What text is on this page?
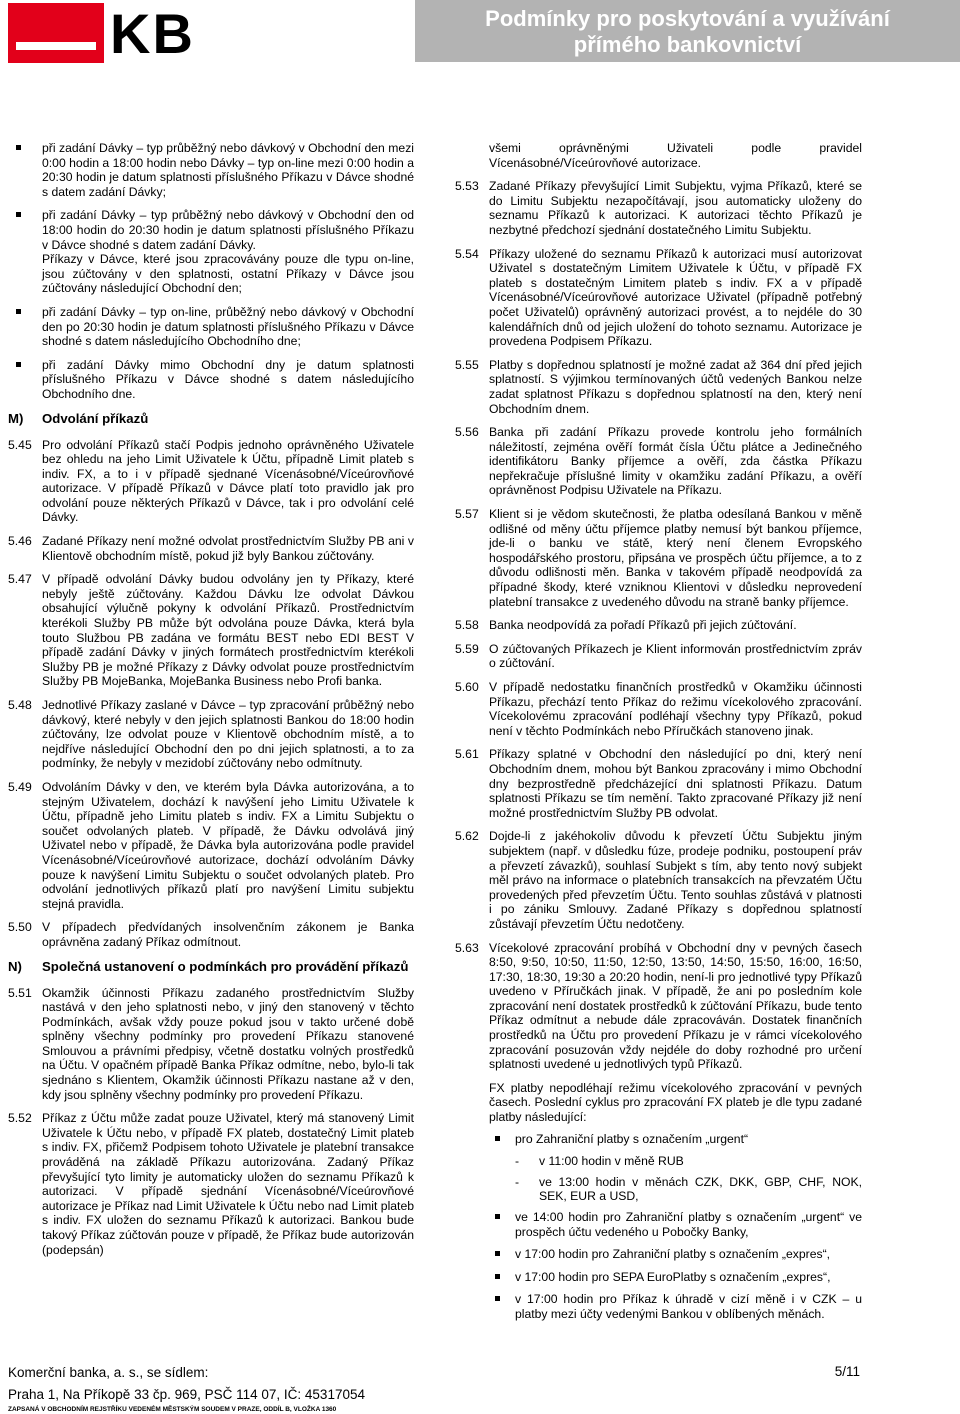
KB	Podmínky pro poskytování a využívání
přímého bankovnictví
při zadání Dávky – typ průběžný nebo dávkový v Obchodní den mezi 0:00 hodin a 18:00 hodin nebo Dávky – typ on-line mezi 0:00 hodin a 20:30 hodin je datum splatnosti příslušného Příkazu v Dávce shodné s datem zadání Dávky;
při zadání Dávky – typ průběžný nebo dávkový v Obchodní den od 18:00 hodin do 20:30 hodin je datum splatnosti příslušného Příkazu v Dávce shodné s datem zadání Dávky.
Příkazy v Dávce, které jsou zpracovávány pouze dle typu on-line, jsou zúčtovány v den splatnosti, ostatní Příkazy v Dávce jsou zúčtovány následující Obchodní den;
při zadání Dávky – typ on-line, průběžný nebo dávkový v Obchodní den po 20:30 hodin je datum splatnosti příslušného Příkazu v Dávce shodné s datem následujícího Obchodního dne;
při zadání Dávky mimo Obchodní dny je datum splatnosti příslušného Příkazu v Dávce shodné s datem následujícího Obchodního dne.
M)	Odvolání příkazů
5.45 Pro odvolání Příkazů stačí Podpis jednoho oprávněného Uživatele bez ohledu na jeho Limit Uživatele k Účtu, případně Limit plateb s indiv. FX, a to i v případě sjednané Vícenásobné/Víceúrovňové autorizace. V případě Příkazů v Dávce platí toto pravidlo jak pro odvolání pouze některých Příkazů v Dávce, tak i pro odvolání celé Dávky.
5.46 Zadané Příkazy není možné odvolat prostřednictvím Služby PB ani v Klientově obchodním místě, pokud již byly Bankou zúčtovány.
5.47 V případě odvolání Dávky budou odvolány jen ty Příkazy, které nebyly ještě zúčtovány. Každou Dávku lze odvolat Dávkou obsahující výlučně pokyny k odvolání Příkazů. Prostřednictvím kterékoli Služby PB může být odvolána pouze Dávka, která byla touto Službou PB zadána ve formátu BEST nebo EDI BEST V případě zadání Dávky v jiných formátech prostřednictvím kterékoli Služby PB je možné Příkazy z Dávky odvolat pouze prostřednictvím Služby PB MojeBanka, MojeBanka Business nebo Profi banka.
5.48 Jednotlivé Příkazy zaslané v Dávce – typ zpracování průběžný nebo dávkový, které nebyly v den jejich splatnosti Bankou do 18:00 hodin zúčtovány, lze odvolat pouze v Klientově obchodním místě, a to nejdříve následující Obchodní den po dni jejich splatnosti, a to za podmínky, že nebyly v mezidobí zúčtovány nebo odmítnuty.
5.49 Odvoláním Dávky v den, ve kterém byla Dávka autorizována, a to stejným Uživatelem, dochází k navýšení jeho Limitu Uživatele k Účtu, případně jeho Limitu plateb s indiv. FX a Limitu Subjektu o součet odvolaných plateb. V případě, že Dávku odvolává jiný Uživatel nebo v případě, že Dávka byla autorizována podle pravidel Vícenásobné/Víceúrovňové autorizace, dochází odvoláním Dávky pouze k navýšení Limitu Subjektu o součet odvolaných plateb. Pro odvolání jednotlivých příkazů platí pro navýšení Limitu subjektu stejná pravidla.
5.50 V případech předvídaných insolvenčním zákonem je Banka oprávněna zadaný Příkaz odmítnout.
N)	Společná ustanovení o podmínkách pro provádění příkazů
5.51 Okamžik účinnosti Příkazu zadaného prostřednictvím Služby nastává v den jeho splatnosti nebo, v jiný den stanovený v těchto Podmínkách, avšak vždy pouze pokud jsou v takto určené době splněny všechny podmínky pro provedení Příkazu stanovené Smlouvou a právními předpisy, včetně dostatku volných prostředků na Účtu. V opačném případě Banka Příkaz odmítne, nebo, bylo-li tak sjednáno s Klientem, Okamžik účinnosti Příkazu nastane až v den, kdy jsou splněny všechny podmínky pro provedení Příkazu.
5.52 Příkaz z Účtu může zadat pouze Uživatel, který má stanovený Limit Uživatele k Účtu nebo, v případě FX plateb, dostatečný Limit plateb s indiv. FX, přičemž Podpisem tohoto Uživatele je platební transakce prováděná na základě Příkazu autorizována. Zadaný Příkaz převyšující tyto limity je automaticky uložen do seznamu Příkazů k autorizaci. V případě sjednání Vícenásobné/Víceúrovňové autorizace je Příkaz nad Limit Uživatele k Účtu nebo nad Limit plateb s indiv. FX uložen do seznamu Příkazů k autorizaci. Bankou bude takový Příkaz zúčtován pouze v případě, že Příkaz bude autorizován (podepsán)
všemi oprávněnými Uživateli podle pravidel Vícenásobné/Víceúrovňové autorizace.
5.53 Zadané Příkazy převyšující Limit Subjektu, vyjma Příkazů, které se do Limitu Subjektu nezapočítávají, jsou automaticky uloženy do seznamu Příkazů k autorizaci. K autorizaci těchto Příkazů je nezbytné předchozí sjednání dostatečného Limitu Subjektu.
5.54 Příkazy uložené do seznamu Příkazů k autorizaci musí autorizovat Uživatel s dostatečným Limitem Uživatele k Účtu, v případě FX plateb s dostatečným Limitem plateb s indiv. FX a v případě Vícenásobné/Víceúrovňové autorizace Uživatel (případně potřebný počet Uživatelů) oprávněný autorizaci provést, a to nejdéle do 30 kalendářních dnů od jejich uložení do tohoto seznamu. Autorizace je provedena Podpisem Příkazu.
5.55 Platby s dopřednou splatností je možné zadat až 364 dní před jejich splatností. S výjimkou termínovaných účtů vedených Bankou nelze zadat splatnost Příkazu s dopřednou splatností na den, který není Obchodním dnem.
5.56 Banka při zadání Příkazu provede kontrolu jeho formálních náležitostí, zejména ověří formát čísla Účtu plátce a Jedinečného identifikátoru Banky příjemce a ověří, zda částka Příkazu nepřekračuje příslušné limity v okamžiku zadání Příkazu, a ověří oprávněnost Podpisu Uživatele na Příkazu.
5.57 Klient si je vědom skutečnosti, že platba odesílaná Bankou v měně odlišné od měny účtu příjemce platby nemusí být bankou příjemce, jde-li o banku ve státě, který není členem Evropského hospodářského prostoru, připsána ve prospěch účtu příjemce, a to z důvodu odlišnosti měn. Banka v takovém případě neodpovídá za případné škody, které vzniknou Klientovi v důsledku neprovedení platební transakce z uvedeného důvodu na straně banky příjemce.
5.58 Banka neodpovídá za pořadí Příkazů při jejich zúčtování.
5.59 O zúčtovaných Příkazech je Klient informován prostřednictvím zpráv o zúčtování.
5.60 V případě nedostatku finančních prostředků v Okamžiku účinnosti Příkazu, přechází tento Příkaz do režimu vícekolového zpracování. Vícekolovému zpracování podléhají všechny typy Příkazů, pokud není v těchto Podmínkách nebo Příručkách stanoveno jinak.
5.61 Příkazy splatné v Obchodní den následující po dni, který není Obchodním dnem, mohou být Bankou zpracovány i mimo Obchodní dny bezprostředně předcházející dni splatnosti Příkazu. Datum splatnosti Příkazu se tím nemění. Takto zpracované Příkazy již není možné prostřednictvím Služby PB odvolat.
5.62 Dojde-li z jakéhokoliv důvodu k převzetí Účtu Subjektu jiným subjektem (např. v důsledku fúze, prodeje podniku, postoupení práv a převzetí závazků), souhlasí Subjekt s tím, aby tento nový subjekt měl právo na informace o platebních transakcích na převzatém Účtu provedených před převzetím Účtu. Tento souhlas zůstává v platnosti i po zániku Smlouvy. Zadané Příkazy s dopřednou splatností zůstávají převzetím Účtu nedotčeny.
5.63 Vícekolové zpracování probíhá v Obchodní dny v pevných časech 8:50, 9:50, 10:50, 11:50, 12:50, 13:50, 14:50, 15:50, 16:00, 16:50, 17:30, 18:30, 19:30 a 20:20 hodin, není-li pro jednotlivé typy Příkazů uvedeno v Příručkách jinak. V případě, že ani po posledním kole zpracování není dostatek prostředků k zúčtování Příkazu, bude tento Příkaz odmítnut a nebude dále zpracováván. Dostatek finančních prostředků na Účtu pro provedení Příkazu je v rámci vícekolového zpracování posuzován vždy nejdéle do doby rozhodné pro určení splatnosti uvedené u jednotlivých typů Příkazů.
FX platby nepodléhají režimu vícekolového zpracování v pevných časech. Poslední cyklus pro zpracování FX plateb je dle typu zadané platby následující:
pro Zahraniční platby s označením „urgent“
- v 11:00 hodin v měně RUB
- ve 13:00 hodin v měnách CZK, DKK, GBP, CHF, NOK, SEK, EUR a USD,
ve 14:00 hodin pro Zahraniční platby s označením „urgent“ ve prospěch účtu vedeného u Pobočky Banky,
v 17:00 hodin pro Zahraniční platby s označením „expres“,
v 17:00 hodin pro SEPA EuroPlatby s označením „expres“,
v 17:00 hodin pro Příkaz k úhradě v cizí měně i v CZK – u platby mezi účty vedenými Bankou v oblíbených měnách.
Komerční banka, a. s., se sídlem:
Praha 1, Na Příkopě 33 čp. 969, PSČ 114 07, IČ: 45317054
ZAPSANÁ V OBCHODNÍM REJSTŘÍKU VEDENÉM MĚSTSKÝM SOUDEM V PRAZE, ODDÍL B, VLOŽKA 1360
5/11
